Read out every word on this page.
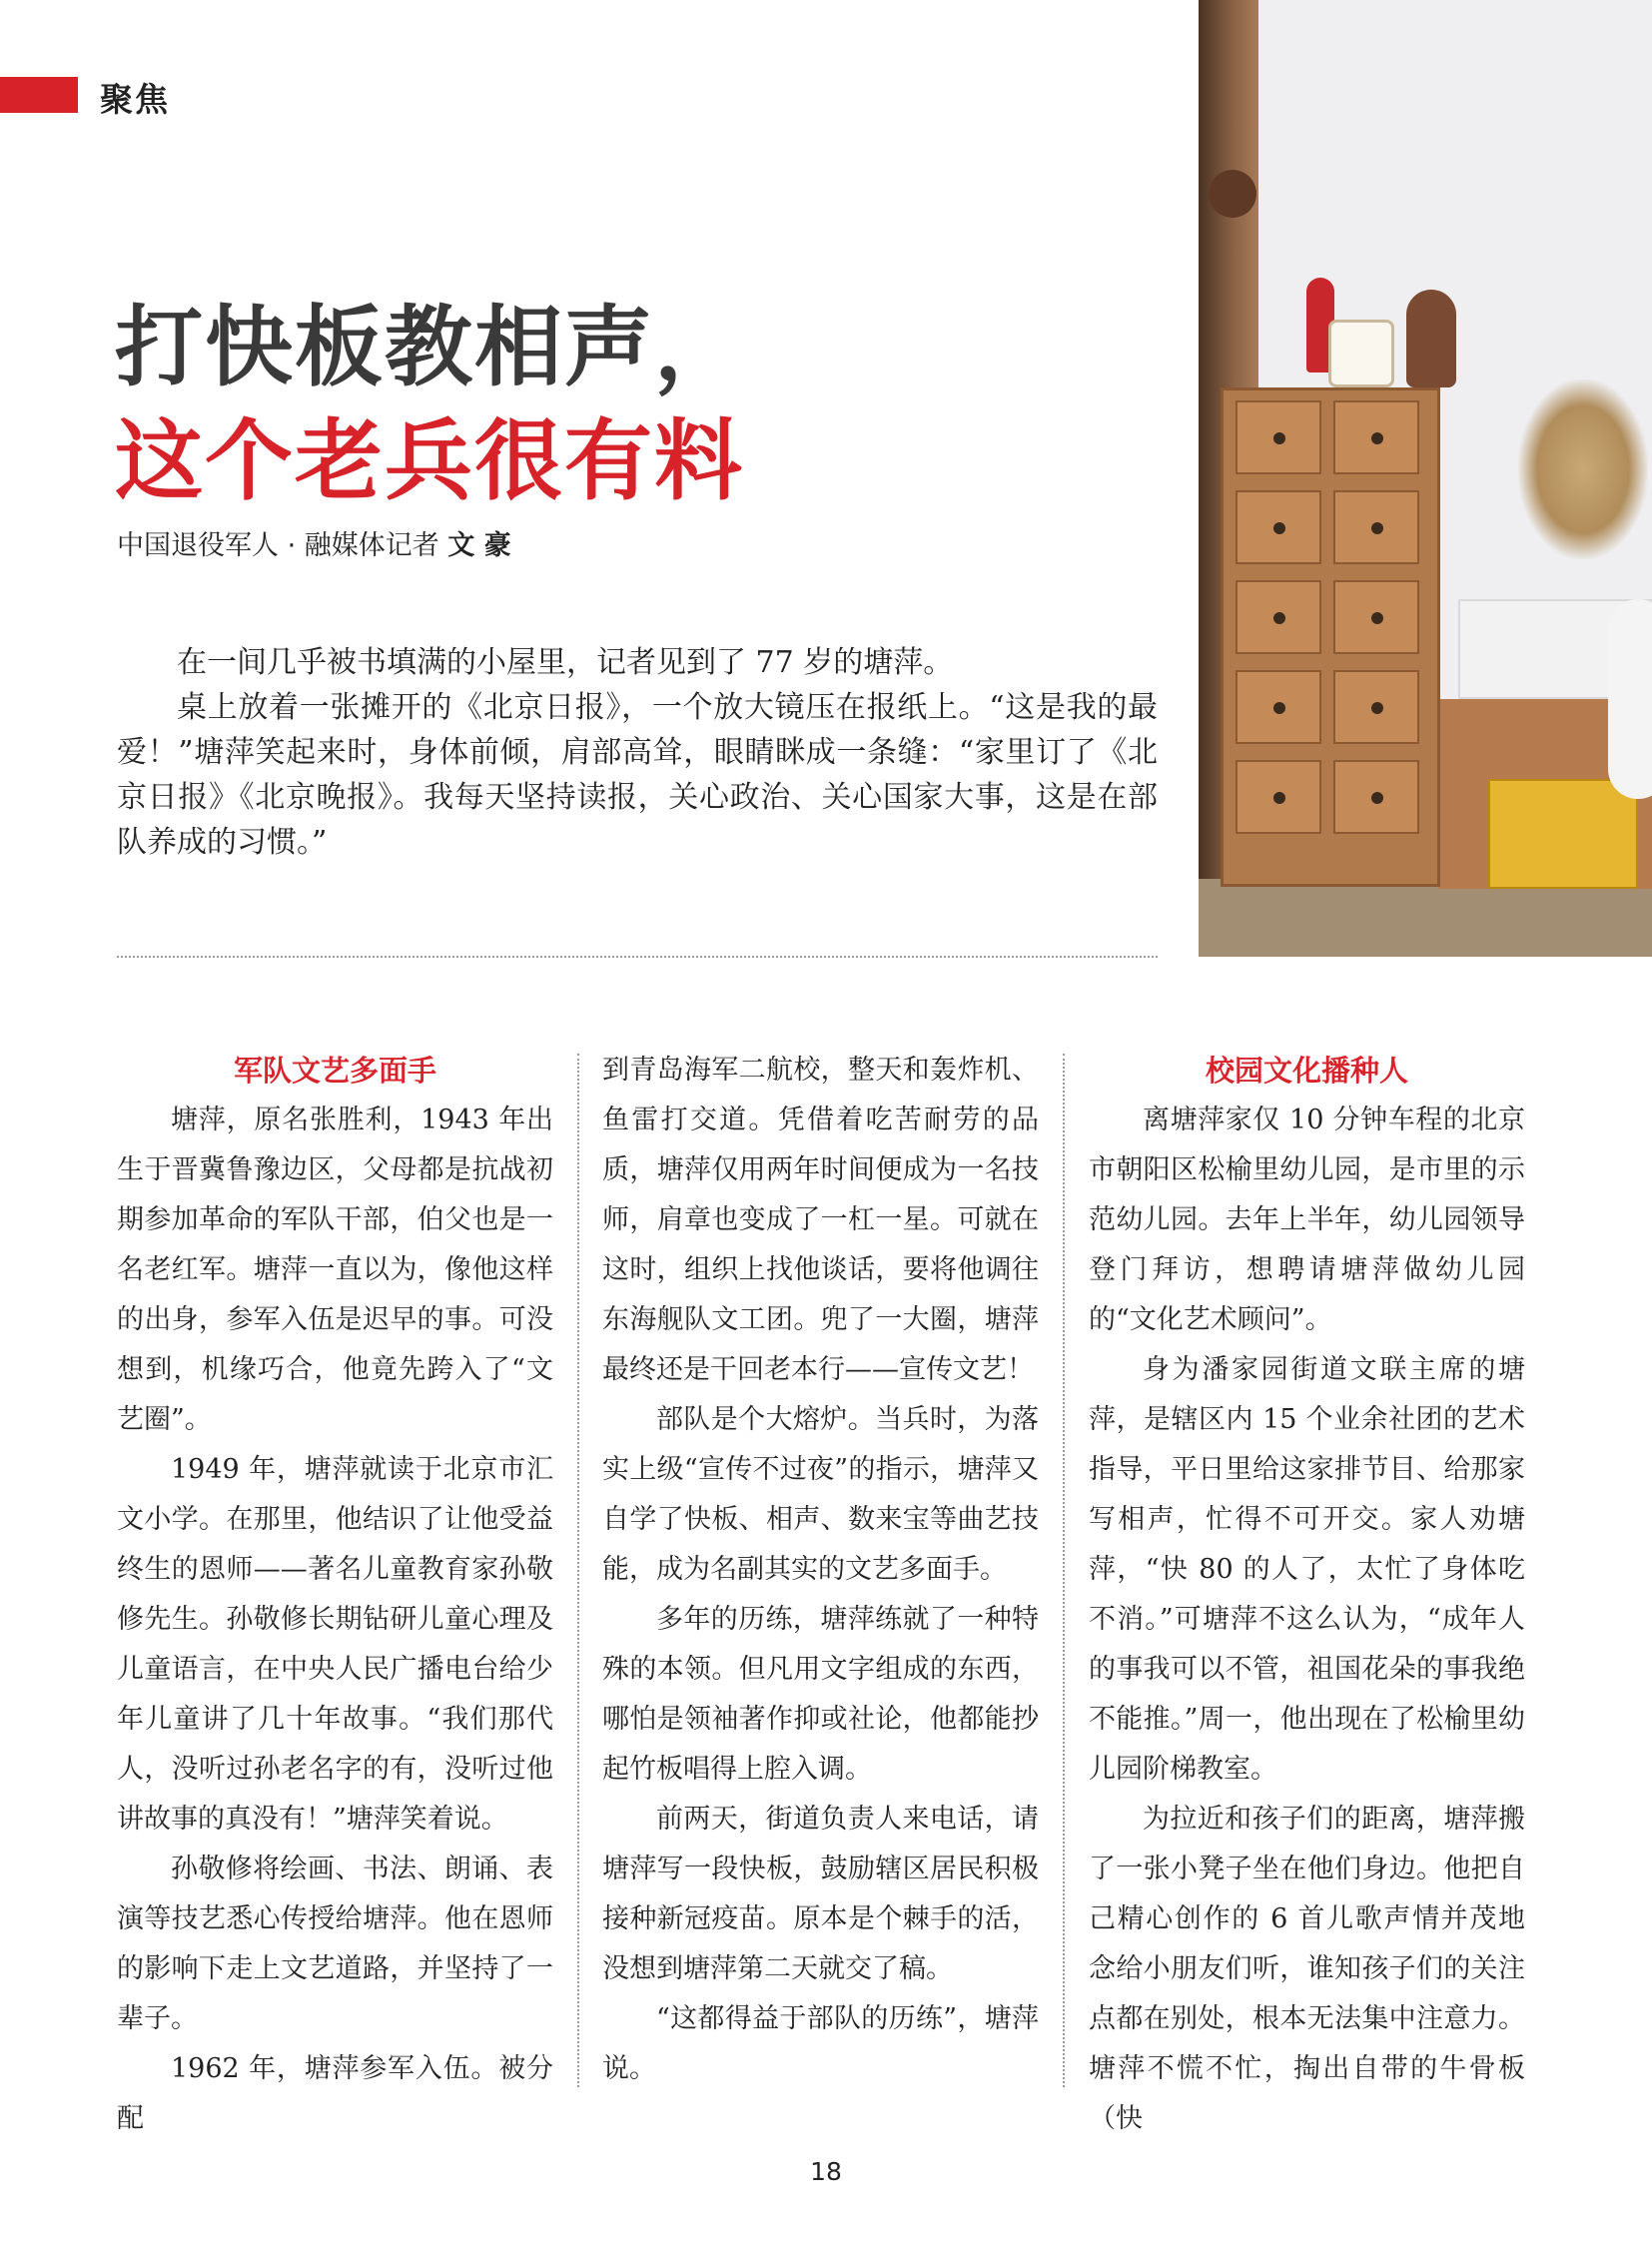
聚焦
打快板教相声，
这个老兵很有料
中国退役军人 · 融媒体记者 文 豪

在一间几乎被书填满的小屋里，记者见到了 77 岁的塘萍。

桌上放着一张摊开的《北京日报》，一个放大镜压在报纸上。“这是我的最爱！”塘萍笑起来时，身体前倾，肩部高耸，眼睛眯成一条缝：“家里订了《北京日报》《北京晚报》。我每天坚持读报，关心政治、关心国家大事，这是在部队养成的习惯。”

军队文艺多面手

塘萍，原名张胜利，1943 年出生于晋冀鲁豫边区，父母都是抗战初期参加革命的军队干部，伯父也是一名老红军。塘萍一直以为，像他这样的出身，参军入伍是迟早的事。可没想到，机缘巧合，他竟先跨入了“文艺圈”。

1949 年，塘萍就读于北京市汇文小学。在那里，他结识了让他受益终生的恩师——著名儿童教育家孙敬修先生。孙敬修长期钻研儿童心理及儿童语言，在中央人民广播电台给少年儿童讲了几十年故事。“我们那代人，没听过孙老名字的有，没听过他讲故事的真没有！”塘萍笑着说。

孙敬修将绘画、书法、朗诵、表演等技艺悉心传授给塘萍。他在恩师的影响下走上文艺道路，并坚持了一辈子。

1962 年，塘萍参军入伍。被分配

到青岛海军二航校，整天和轰炸机、鱼雷打交道。凭借着吃苦耐劳的品质，塘萍仅用两年时间便成为一名技师，肩章也变成了一杠一星。可就在这时，组织上找他谈话，要将他调往东海舰队文工团。兜了一大圈，塘萍最终还是干回老本行——宣传文艺！

部队是个大熔炉。当兵时，为落实上级“宣传不过夜”的指示，塘萍又自学了快板、相声、数来宝等曲艺技能，成为名副其实的文艺多面手。

多年的历练，塘萍练就了一种特殊的本领。但凡用文字组成的东西，哪怕是领袖著作抑或社论，他都能抄起竹板唱得上腔入调。

前两天，街道负责人来电话，请塘萍写一段快板，鼓励辖区居民积极接种新冠疫苗。原本是个棘手的活，没想到塘萍第二天就交了稿。

“这都得益于部队的历练”，塘萍说。

校园文化播种人

离塘萍家仅 10 分钟车程的北京市朝阳区松榆里幼儿园，是市里的示范幼儿园。去年上半年，幼儿园领导登门拜访，想聘请塘萍做幼儿园的“文化艺术顾问”。

身为潘家园街道文联主席的塘萍，是辖区内 15 个业余社团的艺术指导，平日里给这家排节目、给那家写相声，忙得不可开交。家人劝塘萍，“快 80 的人了，太忙了身体吃不消。”可塘萍不这么认为，“成年人的事我可以不管，祖国花朵的事我绝不能推。”周一，他出现在了松榆里幼儿园阶梯教室。

为拉近和孩子们的距离，塘萍搬了一张小凳子坐在他们身边。他把自己精心创作的 6 首儿歌声情并茂地念给小朋友们听，谁知孩子们的关注点都在别处，根本无法集中注意力。塘萍不慌不忙，掏出自带的牛骨板（快

18
